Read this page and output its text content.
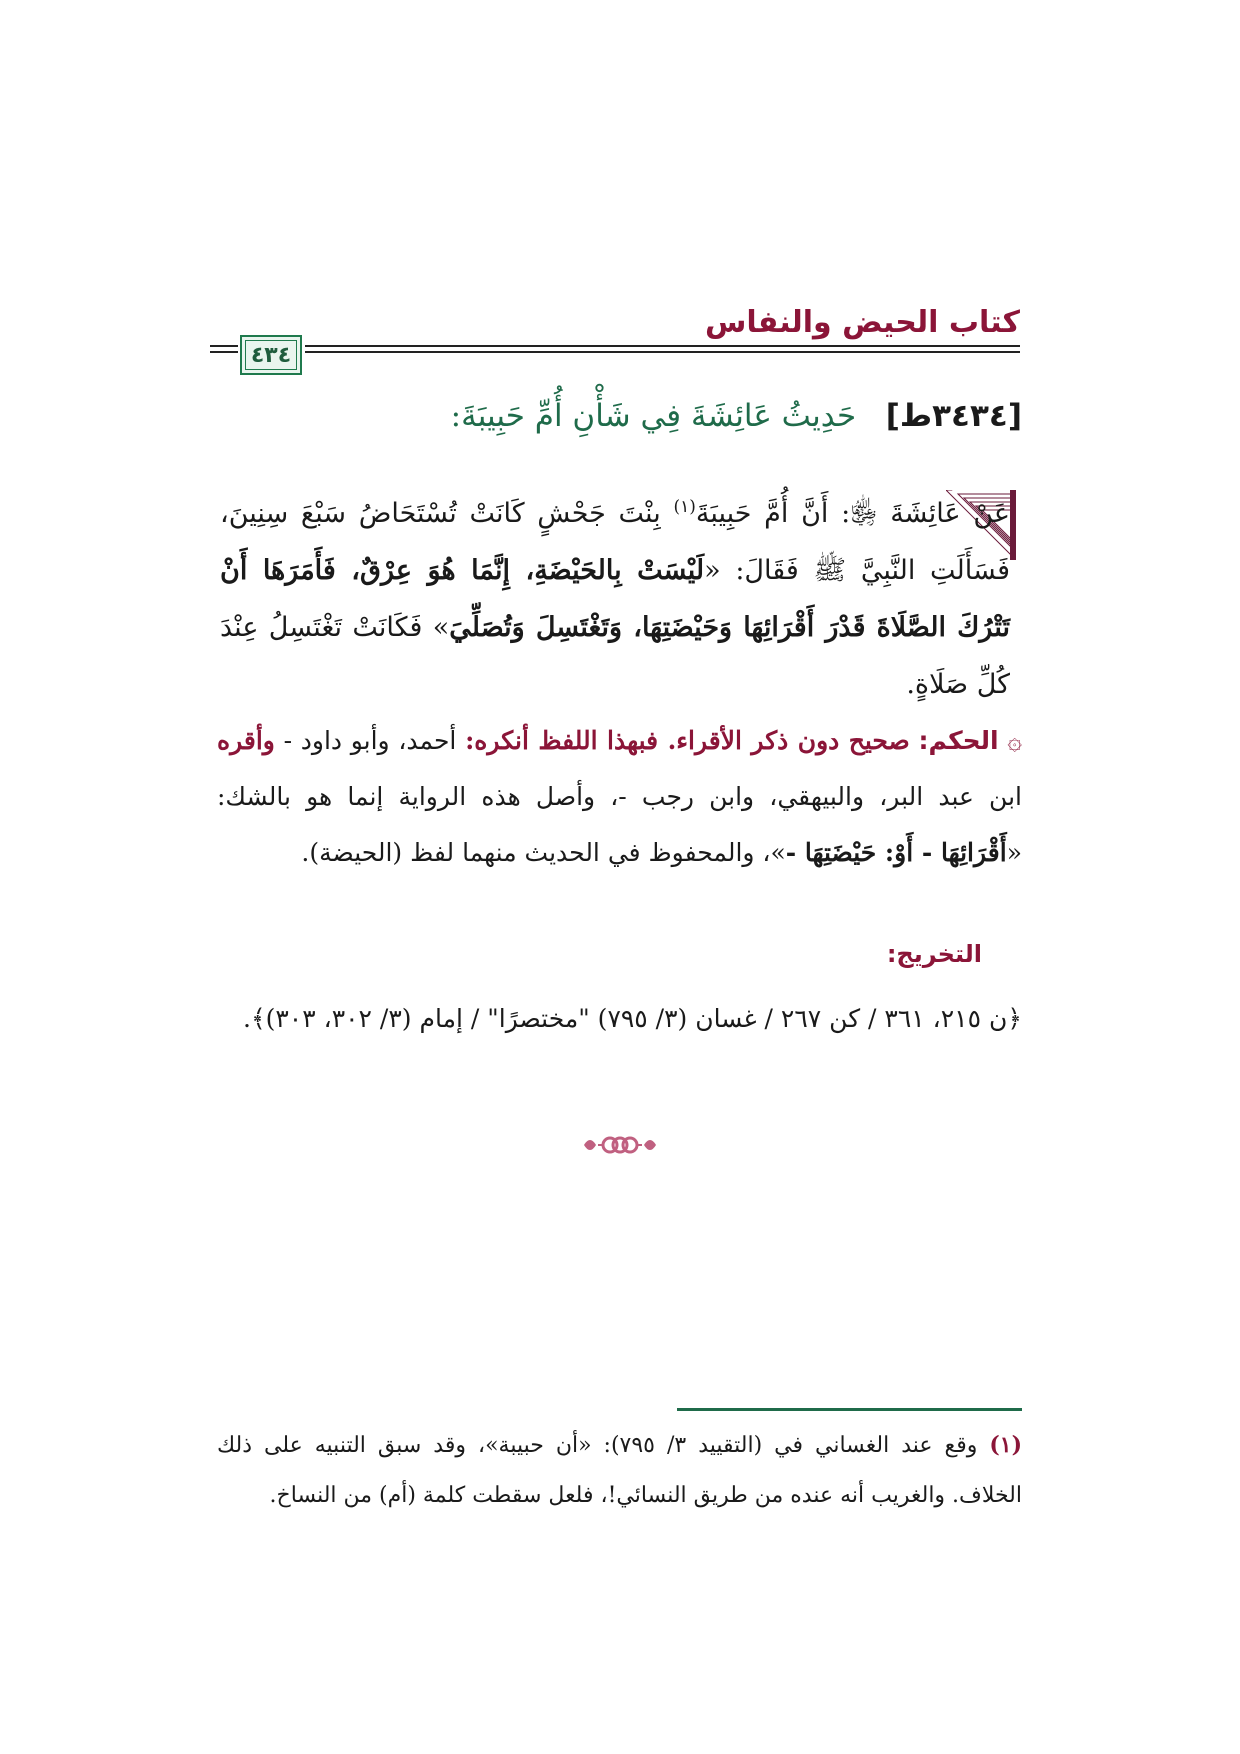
كتاب الحيض والنفاس
٤٣٤
[٣٤٣٤ط]   حَدِيثُ عَائِشَةَ فِي شَأْنِ أُمِّ حَبِيبَةَ:
عَنْ عَائِشَةَ ﵂: أَنَّ أُمَّ حَبِيبَةَ$^{(١)}$ بِنْتَ جَحْشٍ كَانَتْ تُسْتَحَاضُ سَبْعَ سِنِينَ، فَسَأَلَتِ النَّبِيَّ ﷺ فَقَالَ: «لَيْسَتْ بِالحَيْضَةِ، إِنَّمَا هُوَ عِرْقٌ، فَأَمَرَهَا أَنْ تَتْرُكَ الصَّلَاةَ قَدْرَ أَقْرَائِهَا وَحَيْضَتِهَا، وَتَغْتَسِلَ وَتُصَلِّيَ» فَكَانَتْ تَغْتَسِلُ عِنْدَ كُلِّ صَلَاةٍ.
۞ الحكم: صحيح دون ذكر الأقراء. فبهذا اللفظ أنكره: أحمد، وأبو داود - وأقره ابن عبد البر، والبيهقي، وابن رجب -، وأصل هذه الرواية إنما هو بالشك: «أَقْرَائِهَا - أَوْ: حَيْضَتِهَا -»، والمحفوظ في الحديث منهما لفظ (الحيضة).
التخريج:
﴿ن ٢١٥، ٣٦١ / كن ٢٦٧ / غسان (٣/ ٧٩٥) "مختصرًا" / إمام (٣/ ٣٠٢، ٣٠٣)﴾.
(١) وقع عند الغساني في (التقييد ٣/ ٧٩٥): «أن حبيبة»، وقد سبق التنبيه على ذلك الخلاف. والغريب أنه عنده من طريق النسائي!، فلعل سقطت كلمة (أم) من النساخ.
